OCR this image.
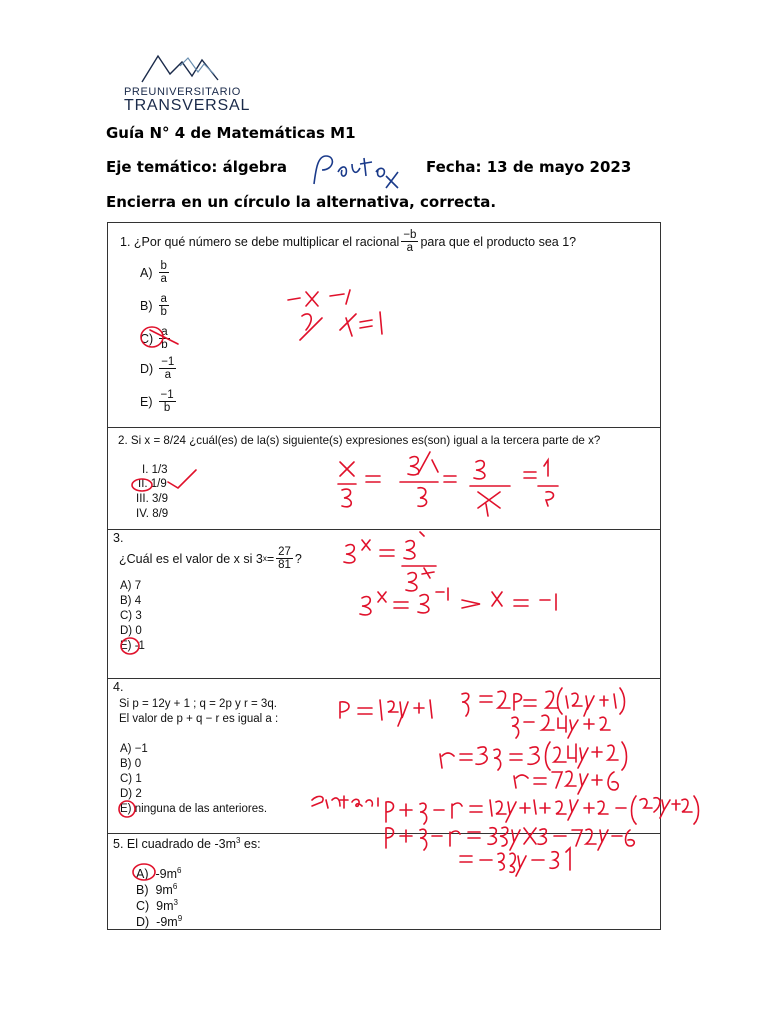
PREUNIVERSITARIO
TRANSVERSAL
Guía N° 4 de Matemáticas M1
Eje temático: álgebra	Fecha: 13 de mayo 2023
Encierra en un círculo la alternativa, correcta.
Pauta
1. ¿Por qué número se debe multiplicar el racional $\frac{-b}{a}$ para que el producto sea 1?
$A) \frac{b}{a}$
$B) \frac{a}{b}$
$C) \frac{a}{b}$
$D) \frac{-1}{a}$
$E) \frac{-1}{b}$
2. Si x = 8/24 ¿cuál(es) de la(s) siguiente(s) expresiones es(son) igual a la tercera parte de x?
I. 1/3
II. 1/9
III. 3/9
IV. 8/9
3.
¿Cuál es el valor de x si 3 $x = \frac{27}{81}$ ?
A) 7
B) 4
C) 3
D) 0
E) -1
4.
Si p = 12y + 1 ; q = 2p y r = 3q.
El valor de p + q − r es igual a :
A) −1
B) 0
C) 1
D) 2
E) ninguna de las anteriores.
5. El cuadrado de $-3m^3$ es:
A) $-9m^6$
B) $9m^6$
C) $9m^3$
D) $-9m^9$
